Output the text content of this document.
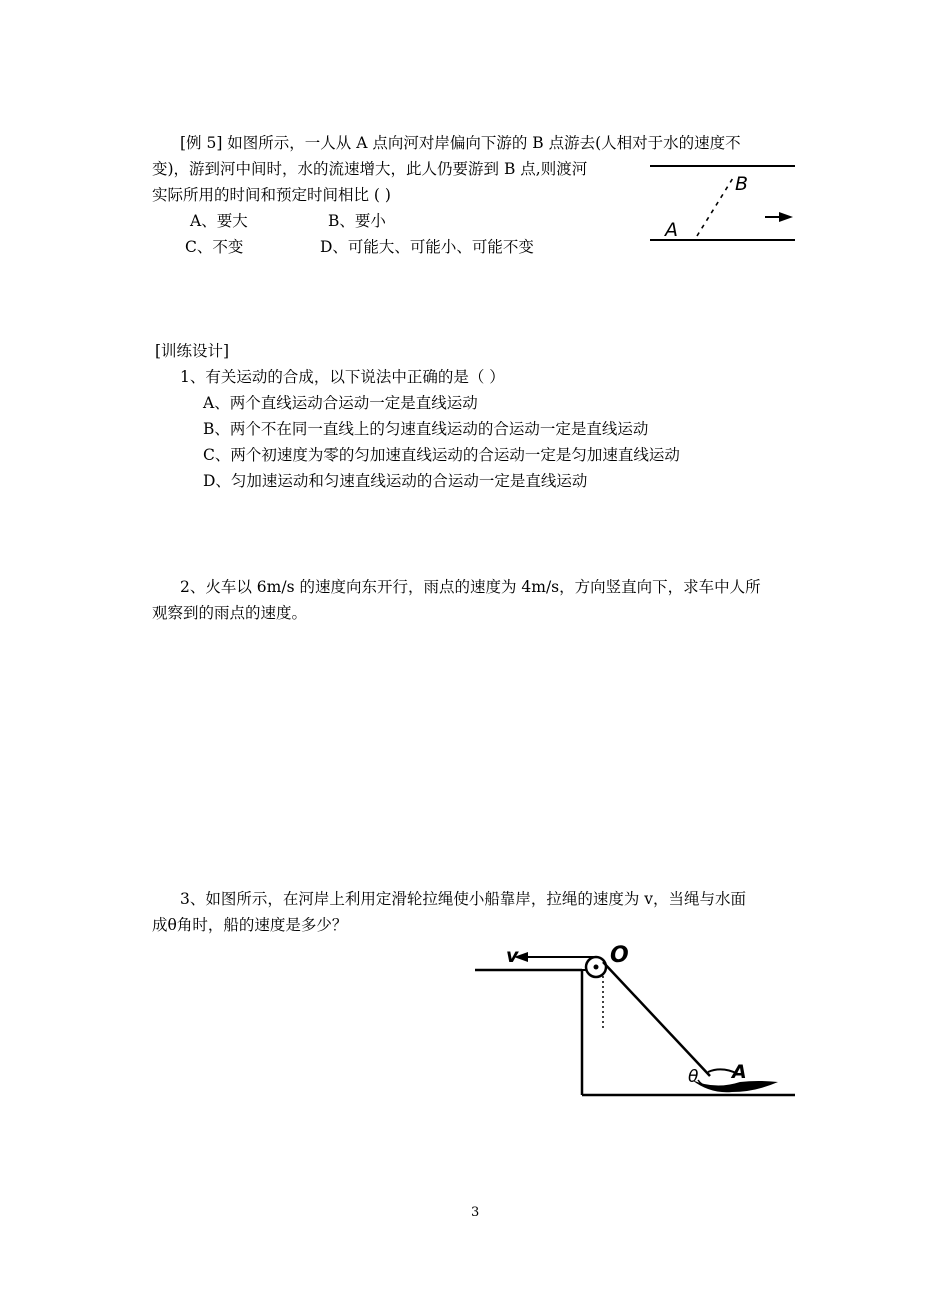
[例 5] 如图所示，一人从 A 点向河对岸偏向下游的 B 点游去(人相对于水的速度不
变)，游到河中间时，水的流速增大，此人仍要游到 B 点,则渡河
实际所用的时间和预定时间相比 ( )
A、要大	B、要小
C、不变	D、可能大、可能小、可能不变
A
B
[训练设计]
1、有关运动的合成，以下说法中正确的是（ ）
A、两个直线运动合运动一定是直线运动
B、两个不在同一直线上的匀速直线运动的合运动一定是直线运动
C、两个初速度为零的匀加速直线运动的合运动一定是匀加速直线运动
D、匀加速运动和匀速直线运动的合运动一定是直线运动
2、火车以 6m/s 的速度向东开行，雨点的速度为 4m/s，方向竖直向下，求车中人所
观察到的雨点的速度。
3、如图所示，在河岸上利用定滑轮拉绳使小船靠岸，拉绳的速度为 v，当绳与水面
成θ角时，船的速度是多少？
v	O
θ A
3
